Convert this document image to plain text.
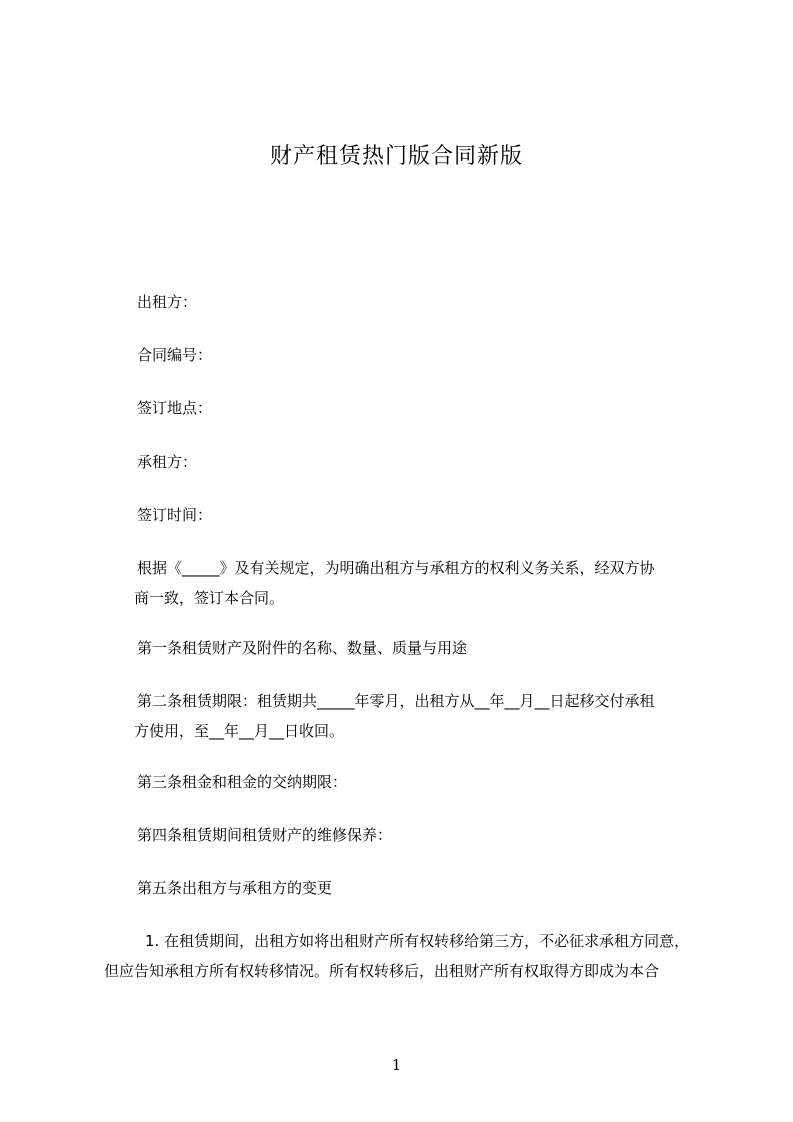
财产租赁热门版合同新版
出租方：
合同编号：
签订地点：
承租方：
签订时间：
根据《_____》及有关规定，为明确出租方与承租方的权利义务关系，经双方协
商一致，签订本合同。
第一条租赁财产及附件的名称、数量、质量与用途
第二条租赁期限：租赁期共_____年零月，出租方从__年__月__日起移交付承租
方使用，至__年__月__日收回。
第三条租金和租金的交纳期限：
第四条租赁期间租赁财产的维修保养：
第五条出租方与承租方的变更
1. 在租赁期间，出租方如将出租财产所有权转移给第三方，不必征求承租方同意，
但应告知承租方所有权转移情况。所有权转移后，出租财产所有权取得方即成为本合
1
